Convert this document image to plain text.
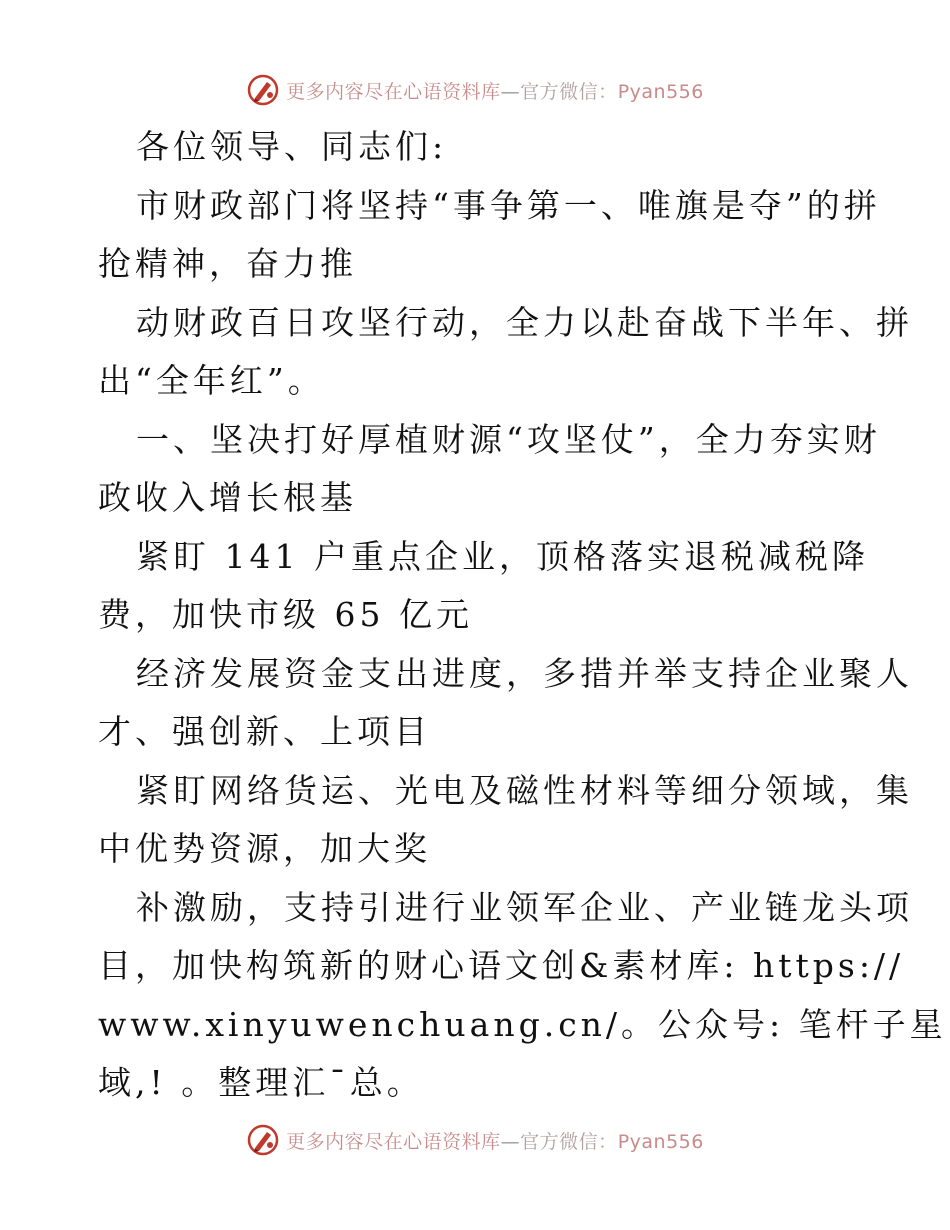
更多内容尽在心语资料库—官方微信：Pyan556

各位领导、同志们:

市财政部门将坚持“事争第一、唯旗是夺”的拼
抢精神，奋力推

动财政百日攻坚行动，全力以赴奋战下半年、拼
出“全年红”。

一、坚决打好厚植财源“攻坚仗”，全力夯实财
政收入增长根基

紧盯 141 户重点企业，顶格落实退税减税降
费，加快市级 65 亿元

经济发展资金支出进度，多措并举支持企业聚人
才、强创新、上项目

紧盯网络货运、光电及磁性材料等细分领域，集
中优势资源，加大奖

补激励，支持引进行业领军企业、产业链龙头项
目，加快构筑新的财心语文创&素材库: https://
www.xinyuwenchuang.cn/。公众号: 笔杆子星
域,! 。整理汇¯总。

更多内容尽在心语资料库—官方微信：Pyan556
